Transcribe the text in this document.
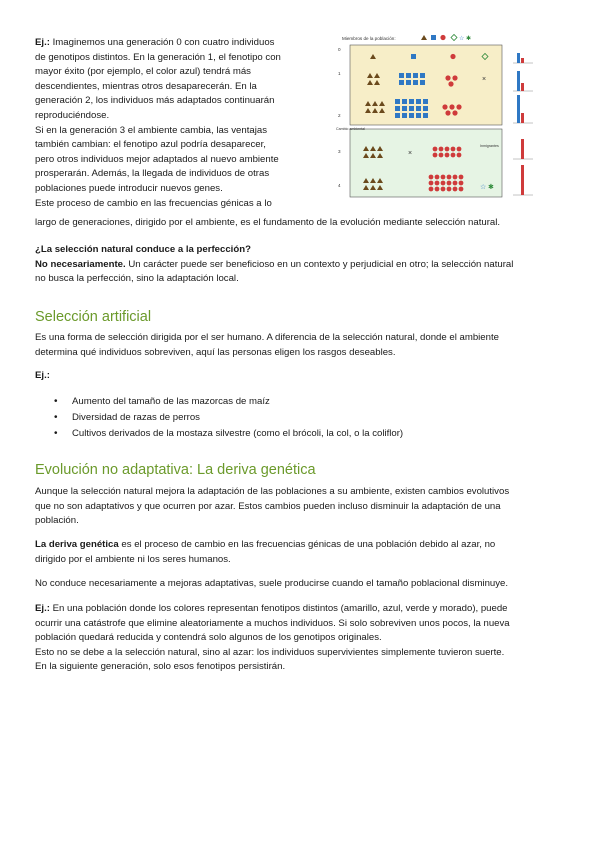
Ej.: Imaginemos una generación 0 con cuatro individuos

de genotipos distintos. En la generación 1, el fenotipo con

mayor éxito (por ejemplo, el color azul) tendrá más

descendientes, mientras otros desaparecerán. En la

generación 2, los individuos más adaptados continuarán

reproduciéndose.

Si en la generación 3 el ambiente cambia, las ventajas

también cambian: el fenotipo azul podría desaparecer,

pero otros individuos mejor adaptados al nuevo ambiente

prosperarán. Además, la llegada de individuos de otras

poblaciones puede introducir nuevos genes.

Este proceso de cambio en las frecuencias génicas a lo

largo de generaciones, dirigido por el ambiente, es el fundamento de la evolución mediante selección natural.
Miembros de la población:	☆ ✱
0
1
2
3
4
Cambio ambiental
Inmigrantes
×
×
☆ ✱

¿La selección natural conduce a la perfección?

No necesariamente. Un carácter puede ser beneficioso en un contexto y perjudicial en otro; la selección natural

no busca la perfección, sino la adaptación local.

Selección artificial

Es una forma de selección dirigida por el ser humano. A diferencia de la selección natural, donde el ambiente

determina qué individuos sobreviven, aquí las personas eligen los rasgos deseables.

Ej.:
• Aumento del tamaño de las mazorcas de maíz
• Diversidad de razas de perros
• Cultivos derivados de la mostaza silvestre (como el brócoli, la col, o la coliflor)
Evolución no adaptativa: La deriva genética

Aunque la selección natural mejora la adaptación de las poblaciones a su ambiente, existen cambios evolutivos

que no son adaptativos y que ocurren por azar. Estos cambios pueden incluso disminuir la adaptación de una

población.

La deriva genética es el proceso de cambio en las frecuencias génicas de una población debido al azar, no

dirigido por el ambiente ni los seres humanos.

No conduce necesariamente a mejoras adaptativas, suele producirse cuando el tamaño poblacional disminuye.

Ej.: En una población donde los colores representan fenotipos distintos (amarillo, azul, verde y morado), puede

ocurrir una catástrofe que elimine aleatoriamente a muchos individuos. Si solo sobreviven unos pocos, la nueva

población quedará reducida y contendrá solo algunos de los genotipos originales.

Esto no se debe a la selección natural, sino al azar: los individuos supervivientes simplemente tuvieron suerte.

En la siguiente generación, solo esos fenotipos persistirán.
